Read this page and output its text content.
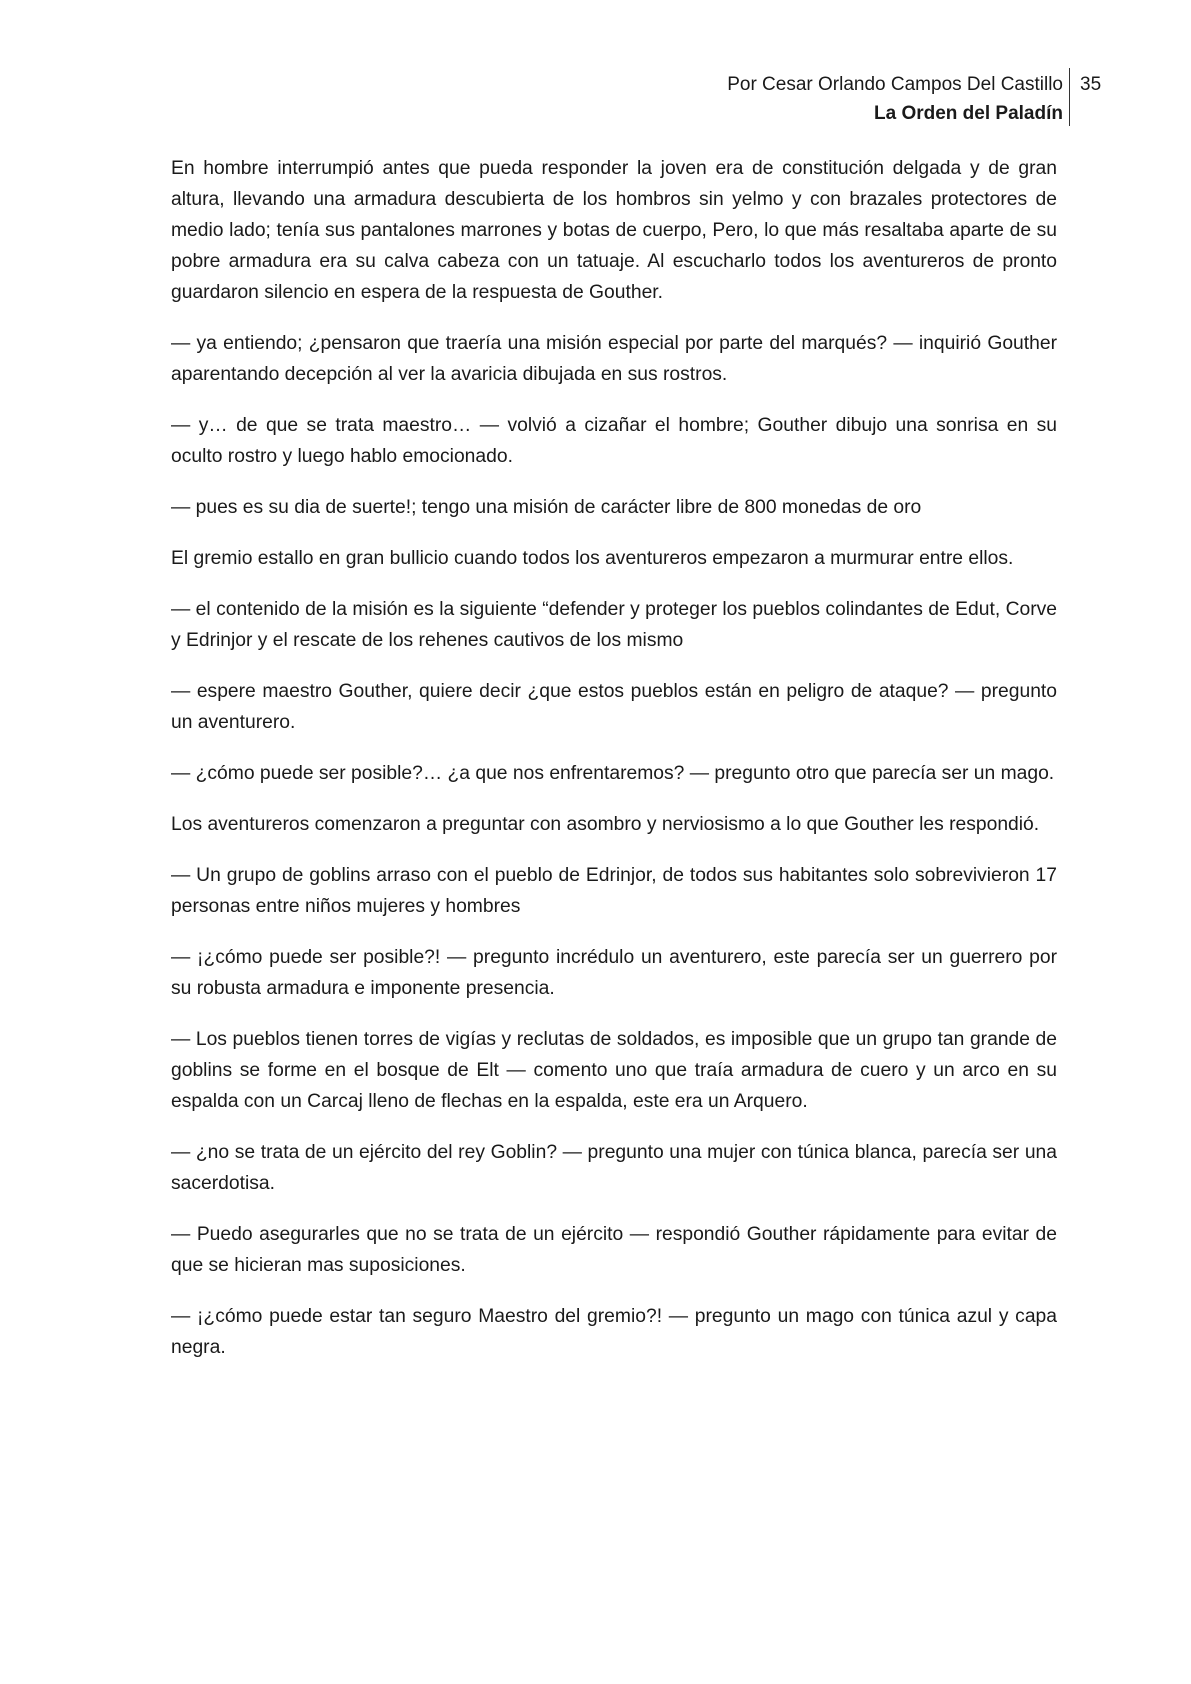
Por Cesar Orlando Campos Del Castillo
La Orden del Paladín
35

En hombre interrumpió antes que pueda responder la joven era de constitución delgada y de gran altura, llevando una armadura descubierta de los hombros sin yelmo y con brazales protectores de medio lado; tenía sus pantalones marrones y botas de cuerpo, Pero, lo que más resaltaba aparte de su pobre armadura era su calva cabeza con un tatuaje. Al escucharlo todos los aventureros de pronto guardaron silencio en espera de la respuesta de Gouther.

— ya entiendo; ¿pensaron que traería una misión especial por parte del marqués? — inquirió Gouther aparentando decepción al ver la avaricia dibujada en sus rostros.

— y… de que se trata maestro… — volvió a cizañar el hombre; Gouther dibujo una sonrisa en su oculto rostro y luego hablo emocionado.

— pues es su dia de suerte!; tengo una misión de carácter libre de 800 monedas de oro

El gremio estallo en gran bullicio cuando todos los aventureros empezaron a murmurar entre ellos.

— el contenido de la misión es la siguiente “defender y proteger los pueblos colindantes de Edut, Corve y Edrinjor y el rescate de los rehenes cautivos de los mismo

— espere maestro Gouther, quiere decir ¿que estos pueblos están en peligro de ataque? — pregunto un aventurero.

— ¿cómo puede ser posible?… ¿a que nos enfrentaremos? — pregunto otro que parecía ser un mago.

Los aventureros comenzaron a preguntar con asombro y nerviosismo a lo que Gouther les respondió.

— Un grupo de goblins arraso con el pueblo de Edrinjor, de todos sus habitantes solo sobrevivieron 17 personas entre niños mujeres y hombres

— ¡¿cómo puede ser posible?! — pregunto incrédulo un aventurero, este parecía ser un guerrero por su robusta armadura e imponente presencia.

— Los pueblos tienen torres de vigías y reclutas de soldados, es imposible que un grupo tan grande de goblins se forme en el bosque de Elt — comento uno que traía armadura de cuero y un arco en su espalda con un Carcaj lleno de flechas en la espalda, este era un Arquero.

— ¿no se trata de un ejército del rey Goblin? — pregunto una mujer con túnica blanca, parecía ser una sacerdotisa.

— Puedo asegurarles que no se trata de un ejército — respondió Gouther rápidamente para evitar de que se hicieran mas suposiciones.

— ¡¿cómo puede estar tan seguro Maestro del gremio?! — pregunto un mago con túnica azul y capa negra.
